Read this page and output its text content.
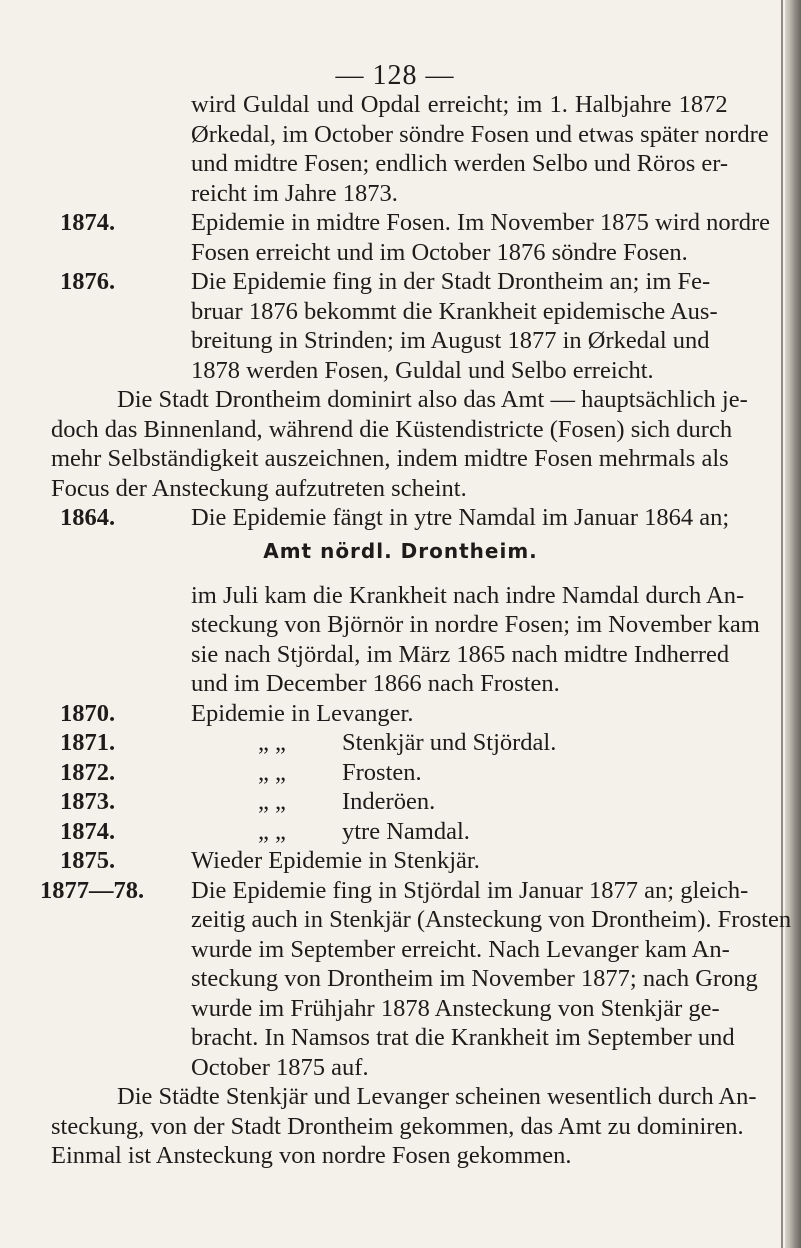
— 128 —
wird Guldal und Opdal erreicht; im 1. Halbjahre 1872
Ørkedal, im October söndre Fosen und etwas später nordre
und midtre Fosen; endlich werden Selbo und Röros er-
reicht im Jahre 1873.
1874.	Epidemie in midtre Fosen. Im November 1875 wird nordre
Fosen erreicht und im October 1876 söndre Fosen.
1876.	Die Epidemie fing in der Stadt Drontheim an; im Fe-
bruar 1876 bekommt die Krankheit epidemische Aus-
breitung in Strinden; im August 1877 in Ørkedal und
1878 werden Fosen, Guldal und Selbo erreicht.
Die Stadt Drontheim dominirt also das Amt — hauptsächlich je-
doch das Binnenland, während die Küstendistricte (Fosen) sich durch
mehr Selbständigkeit auszeichnen, indem midtre Fosen mehrmals als
Focus der Ansteckung aufzutreten scheint.
Amt nördl. Drontheim.
1864.	Die Epidemie fängt in ytre Namdal im Januar 1864 an;
im Juli kam die Krankheit nach indre Namdal durch An-
steckung von Björnör in nordre Fosen; im November kam
sie nach Stjördal, im März 1865 nach midtre Indherred
und im December 1866 nach Frosten.
1870.	Epidemie in Levanger.
1871.	„ „ Stenkjär und Stjördal.
1872.	„ „ Frosten.
1873.	„ „ Inderöen.
1874.	„ „ ytre Namdal.
1875.	Wieder Epidemie in Stenkjär.
1877—78. Die Epidemie fing in Stjördal im Januar 1877 an; gleich-
zeitig auch in Stenkjär (Ansteckung von Drontheim). Frosten
wurde im September erreicht. Nach Levanger kam An-
steckung von Drontheim im November 1877; nach Grong
wurde im Frühjahr 1878 Ansteckung von Stenkjär ge-
bracht. In Namsos trat die Krankheit im September und
October 1875 auf.
Die Städte Stenkjär und Levanger scheinen wesentlich durch An-
steckung, von der Stadt Drontheim gekommen, das Amt zu dominiren.
Einmal ist Ansteckung von nordre Fosen gekommen.
